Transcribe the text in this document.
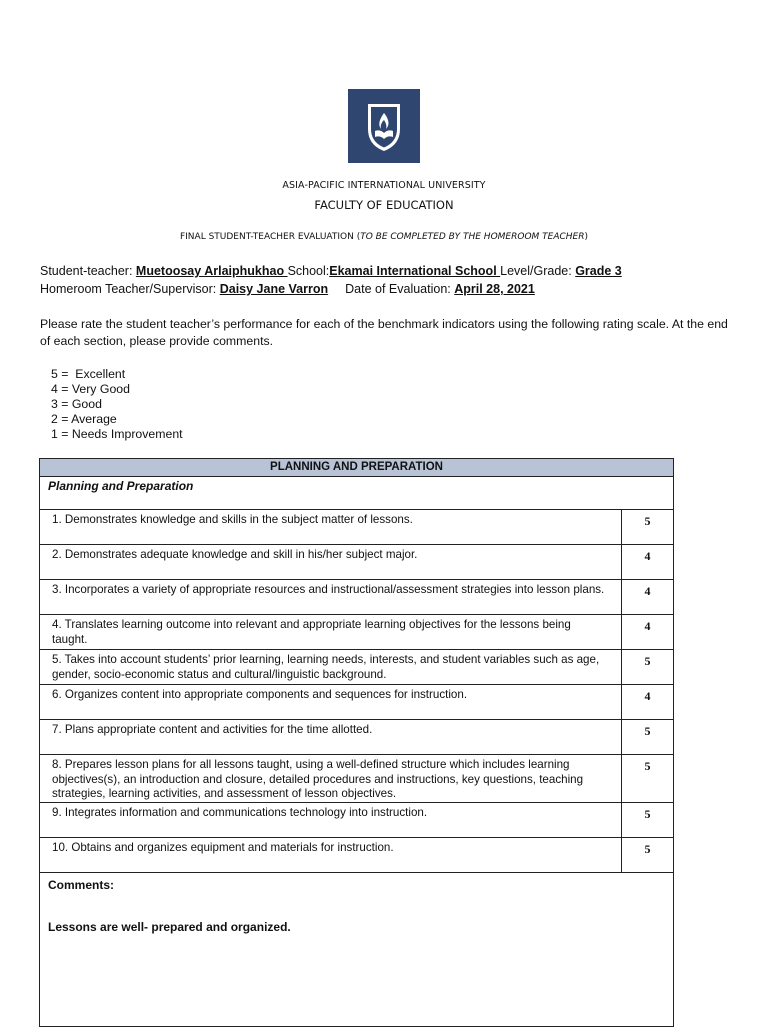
ASIA-PACIFIC INTERNATIONAL UNIVERSITY
FACULTY OF EDUCATION
FINAL STUDENT-TEACHER EVALUATION (TO BE COMPLETED BY THE HOMEROOM TEACHER)
Student-teacher: Muetoosay Arlaiphukhao School:Ekamai International School Level/Grade: Grade 3
Homeroom Teacher/Supervisor: Daisy Jane Varron Date of Evaluation: April 28, 2021
Please rate the student teacher’s performance for each of the benchmark indicators using the following rating scale. At the end of each section, please provide comments.
5 =  Excellent
4 = Very Good
3 = Good
2 = Average
1 = Needs Improvement
PLANNING AND PREPARATION	
Planning and Preparation	
1. Demonstrates knowledge and skills in the subject matter of lessons.	5
2. Demonstrates adequate knowledge and skill in his/her subject major.	4
3. Incorporates a variety of appropriate resources and instructional/assessment strategies into lesson plans.	4
4. Translates learning outcome into relevant and appropriate learning objectives for the lessons being taught.	4
5. Takes into account students’ prior learning, learning needs, interests, and student variables such as age, gender, socio-economic status and cultural/linguistic background.	5
6. Organizes content into appropriate components and sequences for instruction.	4
7. Plans appropriate content and activities for the time allotted.	5
8. Prepares lesson plans for all lessons taught, using a well-defined structure which includes learning objectives(s), an introduction and closure, detailed procedures and instructions, key questions, teaching strategies, learning activities, and assessment of lesson objectives.	5
9. Integrates information and communications technology into instruction.	5
10. Obtains and organizes equipment and materials for instruction.	5

Comments:
Lessons are well- prepared and organized.	
